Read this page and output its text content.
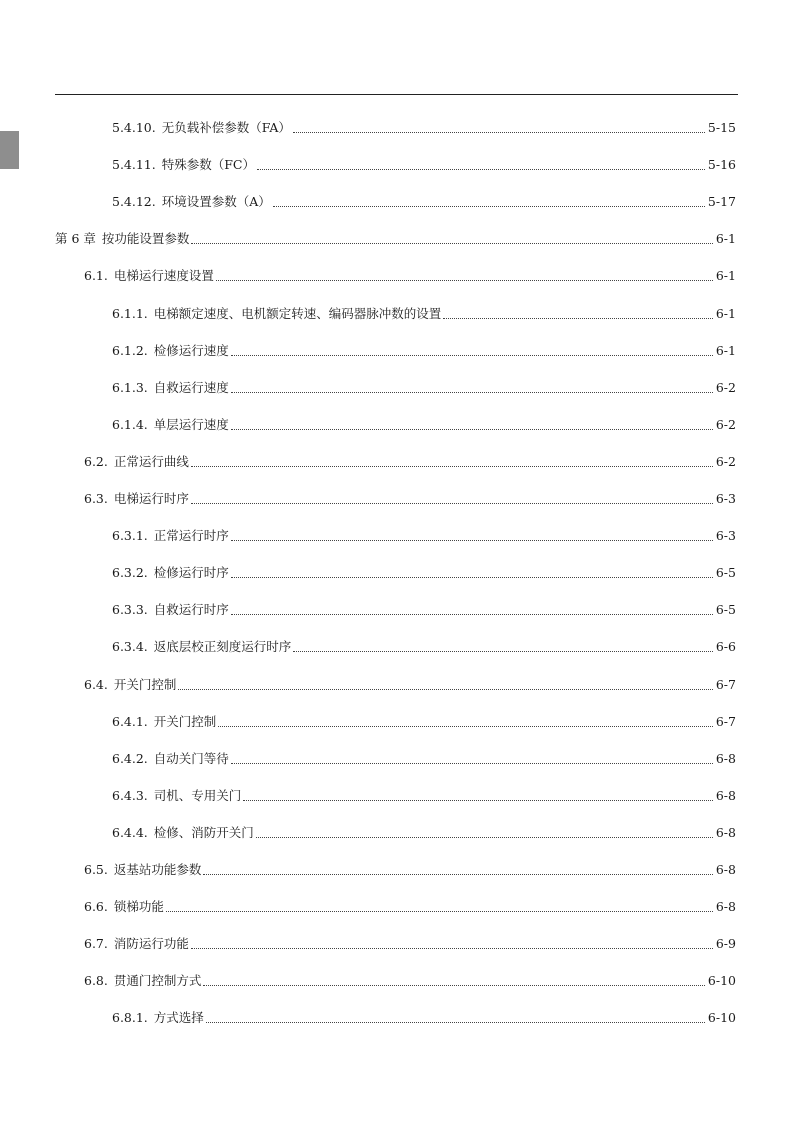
5.4.10. 无负载补偿参数（FA）	5-15
5.4.11. 特殊参数（FC）	5-16
5.4.12. 环境设置参数（A）	5-17
第 6 章 按功能设置参数	6-1
6.1. 电梯运行速度设置	6-1
6.1.1. 电梯额定速度、电机额定转速、编码器脉冲数的设置	6-1
6.1.2. 检修运行速度	6-1
6.1.3. 自救运行速度	6-2
6.1.4. 单层运行速度	6-2
6.2. 正常运行曲线	6-2
6.3. 电梯运行时序	6-3
6.3.1. 正常运行时序	6-3
6.3.2. 检修运行时序	6-5
6.3.3. 自救运行时序	6-5
6.3.4. 返底层校正刻度运行时序	6-6
6.4. 开关门控制	6-7
6.4.1. 开关门控制	6-7
6.4.2. 自动关门等待	6-8
6.4.3. 司机、专用关门	6-8
6.4.4. 检修、消防开关门	6-8
6.5. 返基站功能参数	6-8
6.6. 锁梯功能	6-8
6.7. 消防运行功能	6-9
6.8. 贯通门控制方式	6-10
6.8.1. 方式选择	6-10
